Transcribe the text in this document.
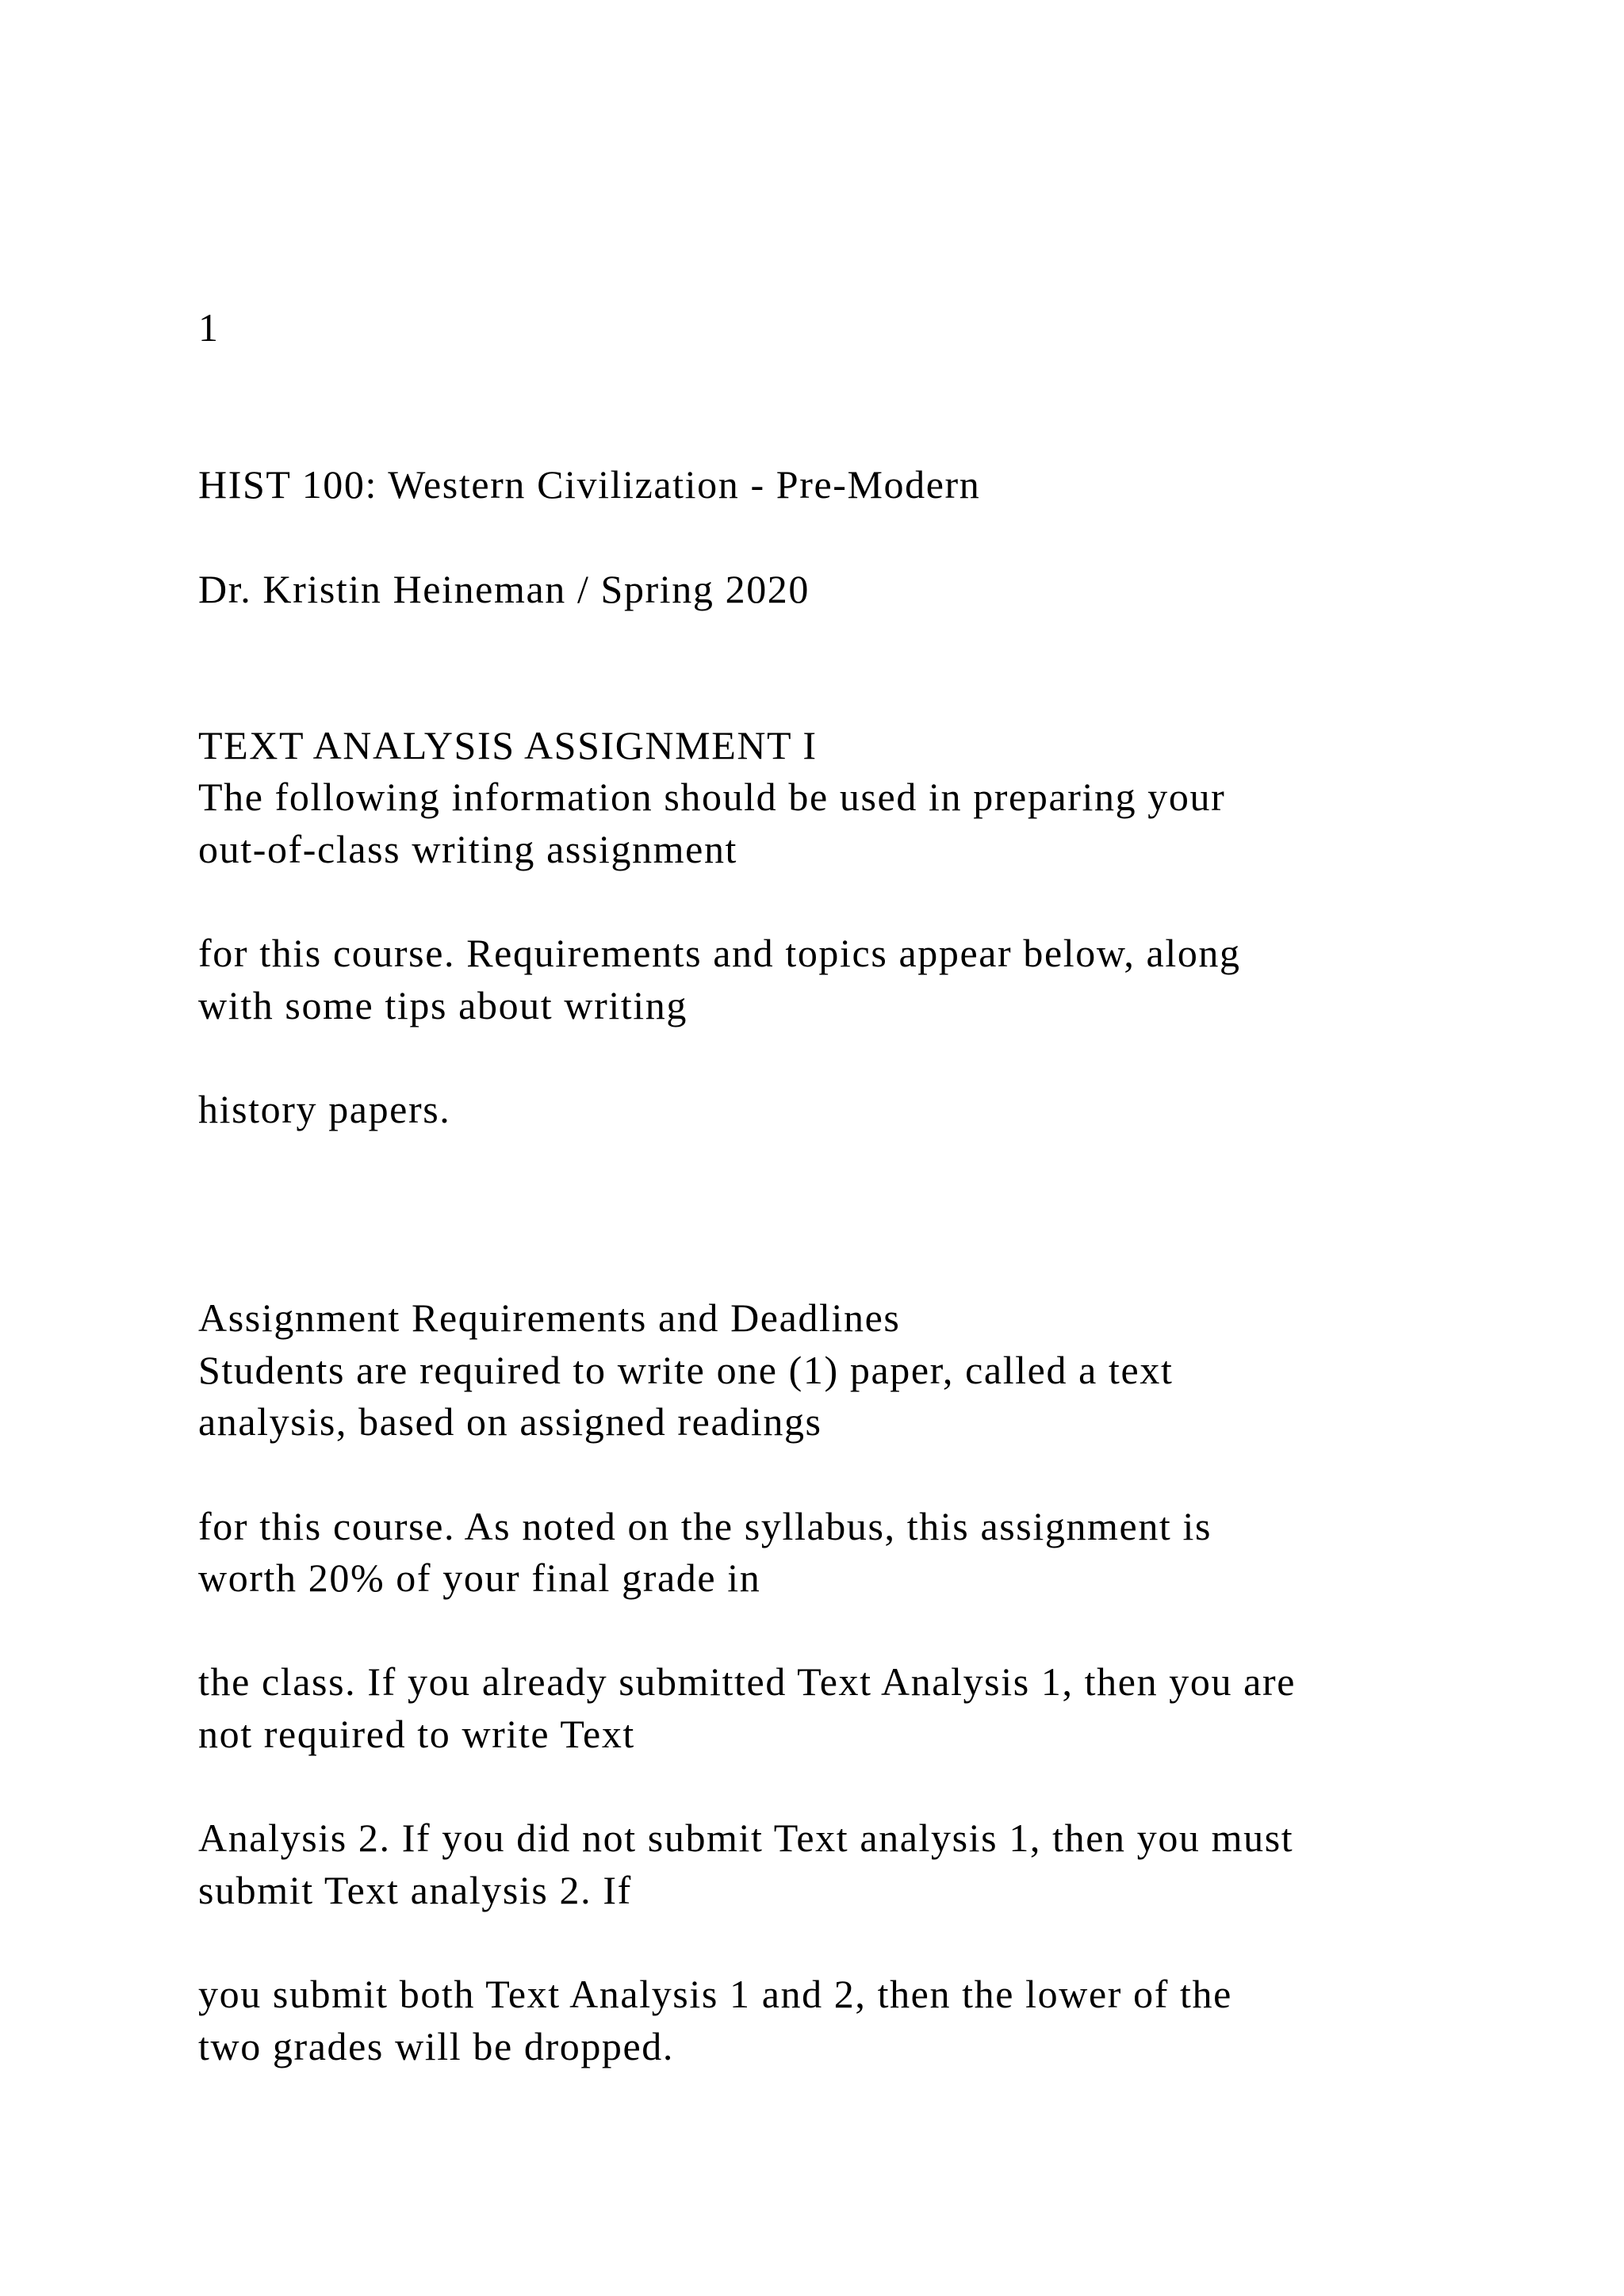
1
HIST 100: Western Civilization - Pre-Modern
Dr. Kristin Heineman / Spring 2020
TEXT ANALYSIS ASSIGNMENT I
The following information should be used in preparing your
out-of-class writing assignment
for this course. Requirements and topics appear below, along
with some tips about writing
history papers.
Assignment Requirements and Deadlines
Students are required to write one (1) paper, called a text
analysis, based on assigned readings
for this course. As noted on the syllabus, this assignment is
worth 20% of your final grade in
the class. If you already submitted Text Analysis 1, then you are
not required to write Text
Analysis 2. If you did not submit Text analysis 1, then you must
submit Text analysis 2. If
you submit both Text Analysis 1 and 2, then the lower of the
two grades will be dropped.
